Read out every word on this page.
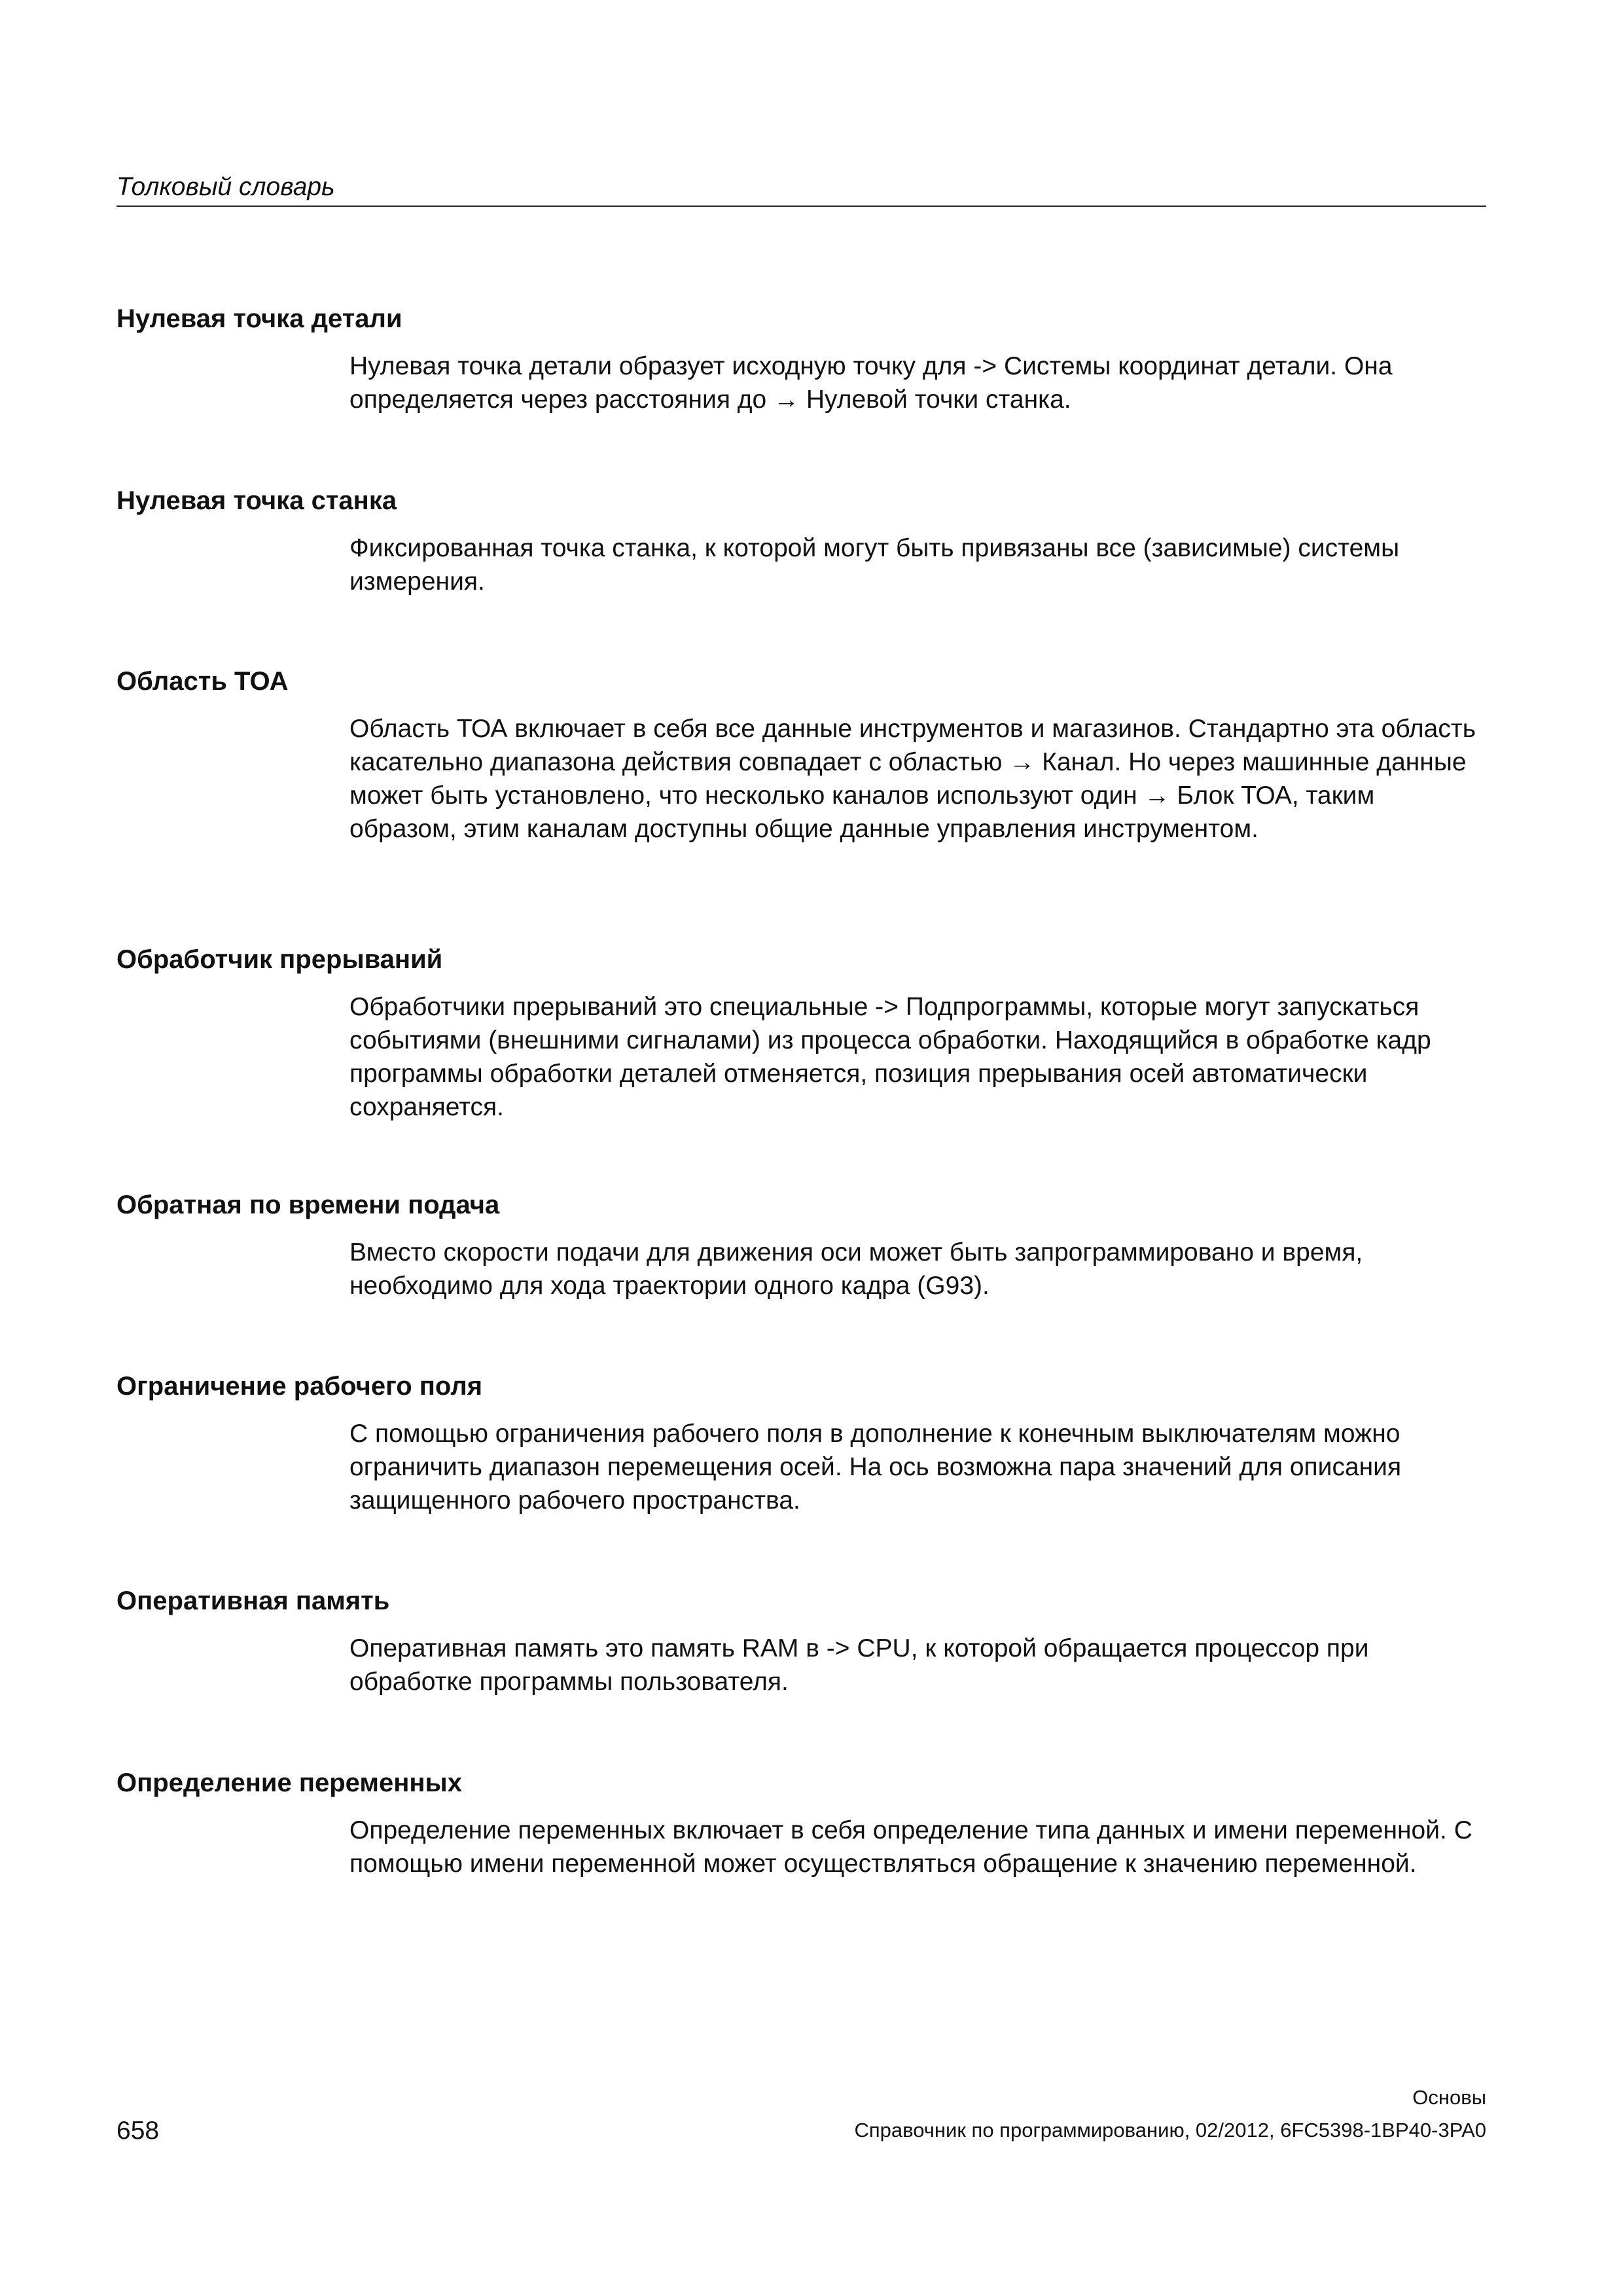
Толковый словарь
Нулевая точка детали

Нулевая точка детали образует исходную точку для -> Системы координат детали. Она определяется через расстояния до → Нулевой точки станка.

Нулевая точка станка

Фиксированная точка станка, к которой могут быть привязаны все (зависимые) системы измерения.

Область ТОА

Область ТОА включает в себя все данные инструментов и магазинов. Стандартно эта область касательно диапазона действия совпадает с областью → Канал. Но через машинные данные может быть установлено, что несколько каналов используют один → Блок ТОА, таким образом, этим каналам доступны общие данные управления инструментом.

Обработчик прерываний

Обработчики прерываний это специальные -> Подпрограммы, которые могут запускаться событиями (внешними сигналами) из процесса обработки. Находящийся в обработке кадр программы обработки деталей отменяется, позиция прерывания осей автоматически сохраняется.

Обратная по времени подача

Вместо скорости подачи для движения оси может быть запрограммировано и время, необходимо для хода траектории одного кадра (G93).

Ограничение рабочего поля

С помощью ограничения рабочего поля в дополнение к конечным выключателям можно ограничить диапазон перемещения осей. На ось возможна пара значений для описания защищенного рабочего пространства.

Оперативная память

Оперативная память это память RAM в -> CPU, к которой обращается процессор при обработке программы пользователя.

Определение переменных

Определение переменных включает в себя определение типа данных и имени переменной. С помощью имени переменной может осуществляться обращение к значению переменной.

658
Основы
Справочник по программированию, 02/2012, 6FC5398-1BP40-3PA0
